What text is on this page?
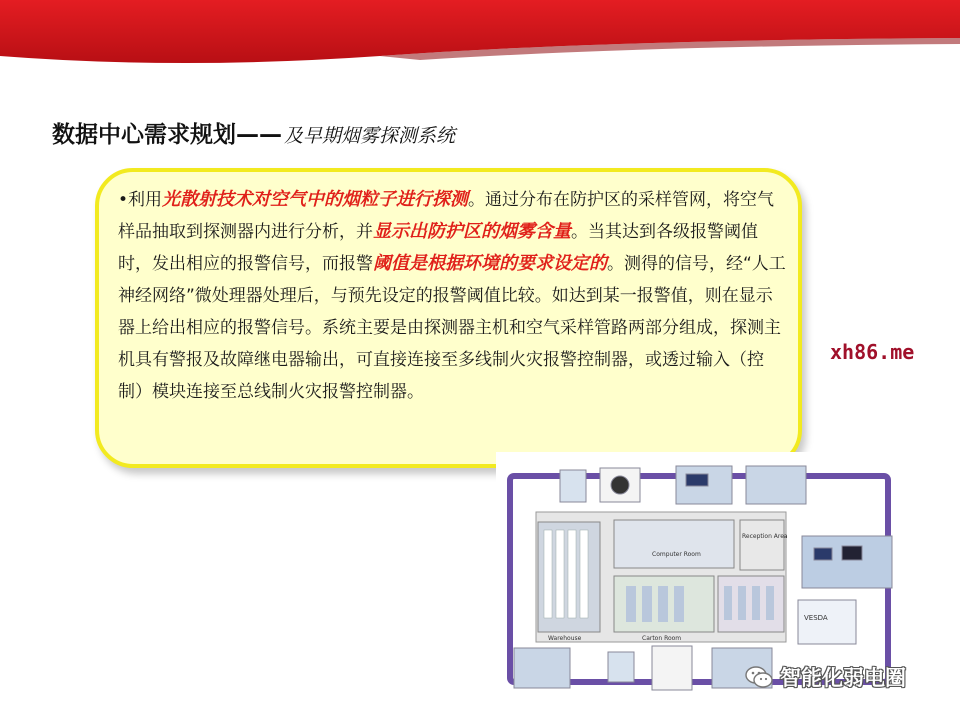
数据中心需求规划—— 及早期烟雾探测系统
•利用光散射技术对空气中的烟粒子进行探测。通过分布在防护区的采样管网，将空气样品抽取到探测器内进行分析，并显示出防护区的烟雾含量。当其达到各级报警阈值时，发出相应的报警信号，而报警阈值是根据环境的要求设定的。测得的信号，经“人工神经网络”微处理器处理后，与预先设定的报警阈值比较。如达到某一报警值，则在显示器上给出相应的报警信号。系统主要是由探测器主机和空气采样管路两部分组成，探测主机具有警报及故障继电器输出，可直接连接至多线制火灾报警控制器，或透过输入（控制）模块连接至总线制火灾报警控制器。
xh86.me
Computer Room
Warehouse	Carton Room
Reception Area
VESDA
智能化弱电圈
